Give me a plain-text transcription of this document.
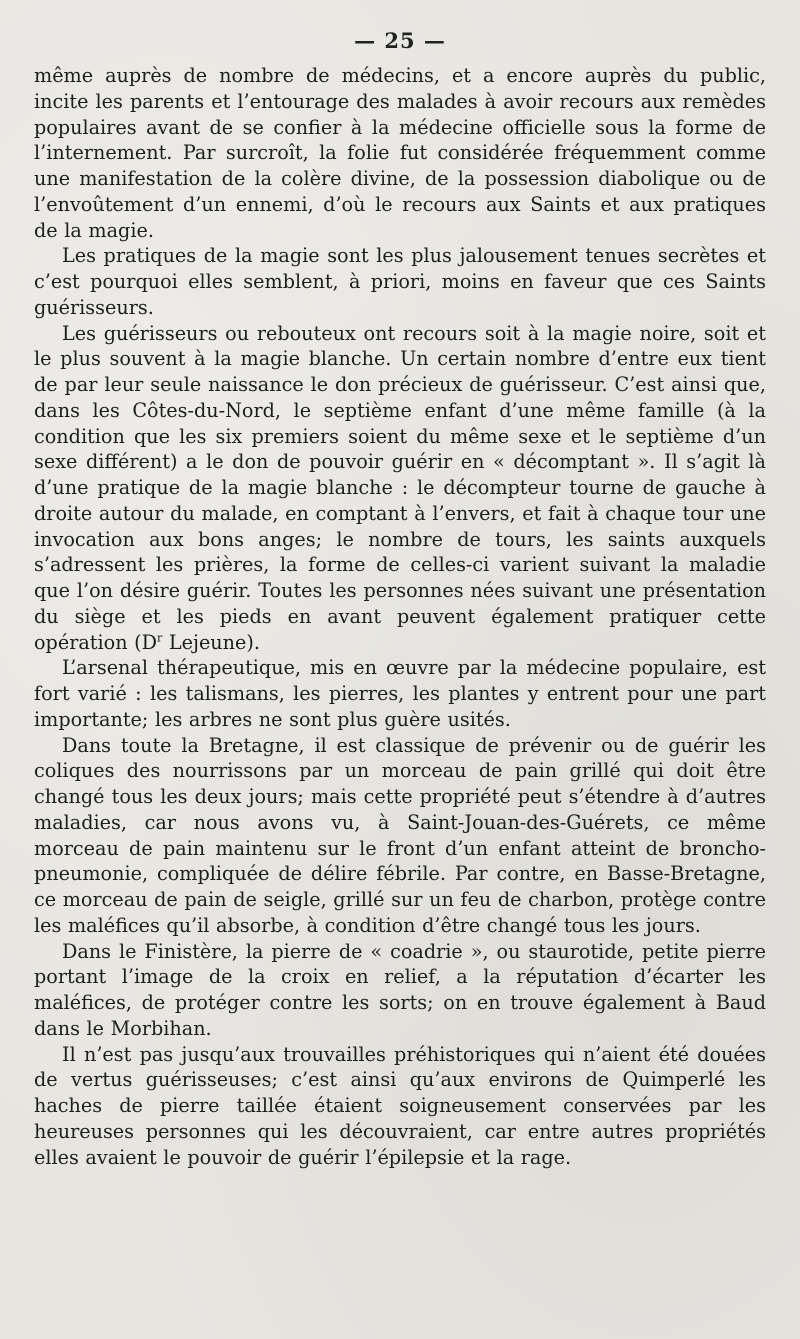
— 25 —

même auprès de nombre de médecins, et a encore auprès du public, incite les parents et l’entourage des malades à avoir recours aux remèdes populaires avant de se confier à la médecine officielle sous la forme de l’internement. Par surcroît, la folie fut considérée fréquemment comme une manifestation de la colère divine, de la possession diabolique ou de l’envoûtement d’un ennemi, d’où le recours aux Saints et aux pratiques de la magie.

Les pratiques de la magie sont les plus jalousement tenues secrètes et c’est pourquoi elles semblent, à priori, moins en faveur que ces Saints guérisseurs.

Les guérisseurs ou rebouteux ont recours soit à la magie noire, soit et le plus souvent à la magie blanche. Un certain nombre d’entre eux tient de par leur seule naissance le don précieux de guérisseur. C’est ainsi que, dans les Côtes-du-Nord, le septième enfant d’une même famille (à la condition que les six premiers soient du même sexe et le septième d’un sexe différent) a le don de pouvoir guérir en « décomptant ». Il s’agit là d’une pratique de la magie blanche : le décompteur tourne de gauche à droite autour du malade, en comptant à l’envers, et fait à chaque tour une invocation aux bons anges; le nombre de tours, les saints auxquels s’adressent les prières, la forme de celles-ci varient suivant la maladie que l’on désire guérir. Toutes les personnes nées suivant une présentation du siège et les pieds en avant peuvent également pratiquer cette opération ($D^r$ Lejeune).

L’arsenal thérapeutique, mis en œuvre par la médecine populaire, est fort varié : les talismans, les pierres, les plantes y entrent pour une part importante; les arbres ne sont plus guère usités.

Dans toute la Bretagne, il est classique de prévenir ou de guérir les coliques des nourrissons par un morceau de pain grillé qui doit être changé tous les deux jours; mais cette propriété peut s’étendre à d’autres maladies, car nous avons vu, à Saint-Jouan-des-Guérets, ce même morceau de pain maintenu sur le front d’un enfant atteint de broncho-pneumonie, compliquée de délire fébrile. Par contre, en Basse-Bretagne, ce morceau de pain de seigle, grillé sur un feu de charbon, protège contre les maléfices qu’il absorbe, à condition d’être changé tous les jours.

Dans le Finistère, la pierre de « coadrie », ou staurotide, petite pierre portant l’image de la croix en relief, a la réputation d’écarter les maléfices, de protéger contre les sorts; on en trouve également à Baud dans le Morbihan.

Il n’est pas jusqu’aux trouvailles préhistoriques qui n’aient été douées de vertus guérisseuses; c’est ainsi qu’aux environs de Quimperlé les haches de pierre taillée étaient soigneusement conservées par les heureuses personnes qui les découvraient, car entre autres propriétés elles avaient le pouvoir de guérir l’épilepsie et la rage.
